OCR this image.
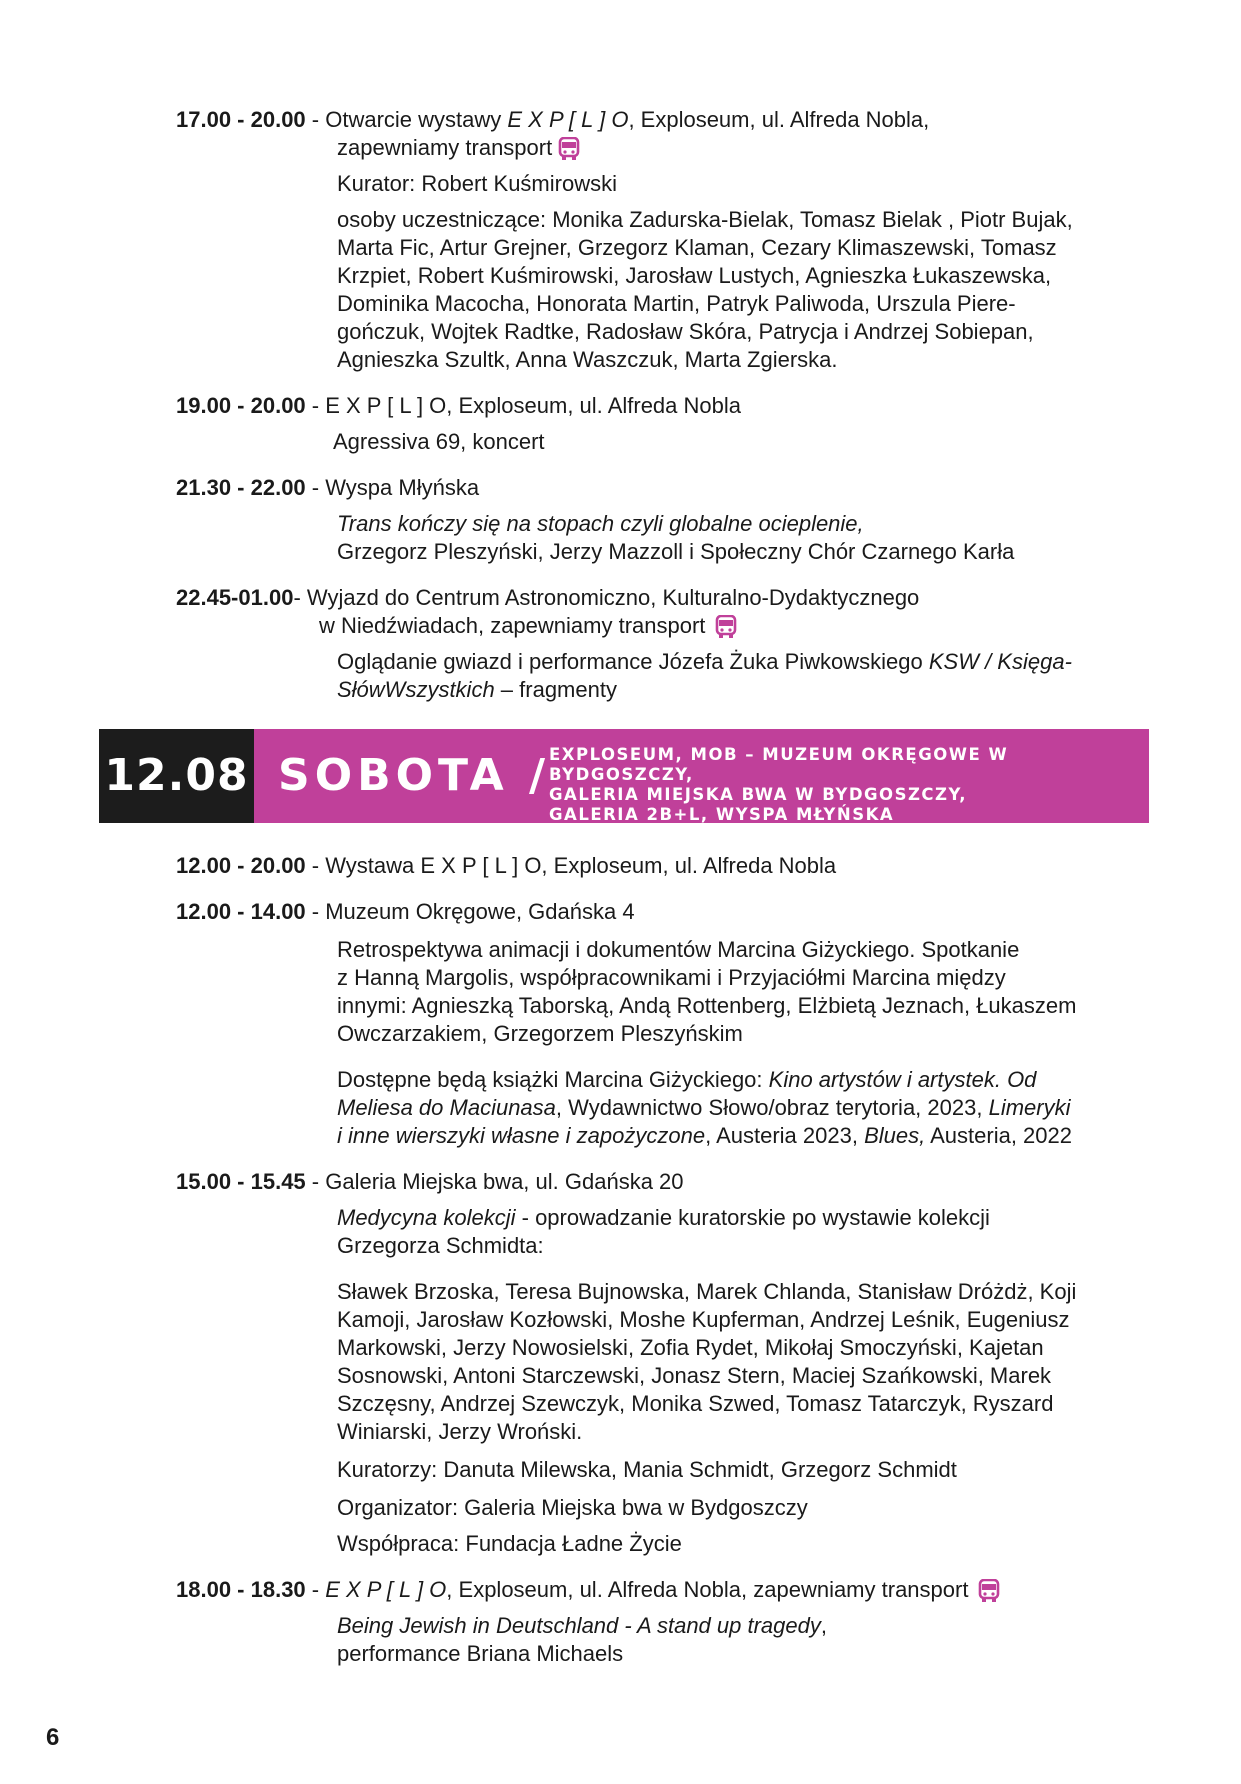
17.00 - 20.00 - Otwarcie wystawy E X P [ L ] O, Exploseum, ul. Alfreda Nobla,
zapewniamy transport
Kurator: Robert Kuśmirowski
osoby uczestniczące: Monika Zadurska-Bielak, Tomasz Bielak , Piotr Bujak,
Marta Fic, Artur Grejner, Grzegorz Klaman, Cezary Klimaszewski, Tomasz
Krzpiet, Robert Kuśmirowski, Jarosław Lustych, Agnieszka Łukaszewska,
Dominika Macocha, Honorata Martin, Patryk Paliwoda, Urszula Piere-
gończuk, Wojtek Radtke, Radosław Skóra, Patrycja i Andrzej Sobiepan,
Agnieszka Szultk, Anna Waszczuk, Marta Zgierska.
19.00 - 20.00 - E X P [ L ] O, Exploseum, ul. Alfreda Nobla
Agressiva 69, koncert
21.30 - 22.00 - Wyspa Młyńska
Trans kończy się na stopach czyli globalne ocieplenie,
Grzegorz Pleszyński, Jerzy Mazzoll i Społeczny Chór Czarnego Karła
22.45-01.00- Wyjazd do Centrum Astronomiczno, Kulturalno-Dydaktycznego
w Niedźwiadach, zapewniamy transport
Oglądanie gwiazd i performance Józefa Żuka Piwkowskiego KSW / Księga-
SłówWszystkich – fragmenty
12.08 SOBOTA /
EXPLOSEUM, MOB – MUZEUM OKRĘGOWE W BYDGOSZCZY,
GALERIA MIEJSKA BWA W BYDGOSZCZY,
GALERIA 2B+L, WYSPA MŁYŃSKA
12.00 - 20.00 - Wystawa E X P [ L ] O, Exploseum, ul. Alfreda Nobla
12.00 - 14.00 - Muzeum Okręgowe, Gdańska 4
Retrospektywa animacji i dokumentów Marcina Giżyckiego. Spotkanie
z Hanną Margolis, współpracownikami i Przyjaciółmi Marcina między
innymi: Agnieszką Taborską, Andą Rottenberg, Elżbietą Jeznach, Łukaszem
Owczarzakiem, Grzegorzem Pleszyńskim
Dostępne będą książki Marcina Giżyckiego: Kino artystów i artystek. Od
Meliesa do Maciunasa, Wydawnictwo Słowo/obraz terytoria, 2023, Limeryki
i inne wierszyki własne i zapożyczone, Austeria 2023, Blues, Austeria, 2022
15.00 - 15.45 - Galeria Miejska bwa, ul. Gdańska 20
Medycyna kolekcji - oprowadzanie kuratorskie po wystawie kolekcji
Grzegorza Schmidta:
Sławek Brzoska, Teresa Bujnowska, Marek Chlanda, Stanisław Dróżdż, Koji
Kamoji, Jarosław Kozłowski, Moshe Kupferman, Andrzej Leśnik, Eugeniusz
Markowski, Jerzy Nowosielski, Zofia Rydet, Mikołaj Smoczyński, Kajetan
Sosnowski, Antoni Starczewski, Jonasz Stern, Maciej Szańkowski, Marek
Szczęsny, Andrzej Szewczyk, Monika Szwed, Tomasz Tatarczyk, Ryszard
Winiarski, Jerzy Wroński.
Kuratorzy: Danuta Milewska, Mania Schmidt, Grzegorz Schmidt
Organizator: Galeria Miejska bwa w Bydgoszczy
Współpraca: Fundacja Ładne Życie
18.00 - 18.30 - E X P [ L ] O, Exploseum, ul. Alfreda Nobla, zapewniamy transport
Being Jewish in Deutschland - A stand up tragedy,
performance Briana Michaels
6
